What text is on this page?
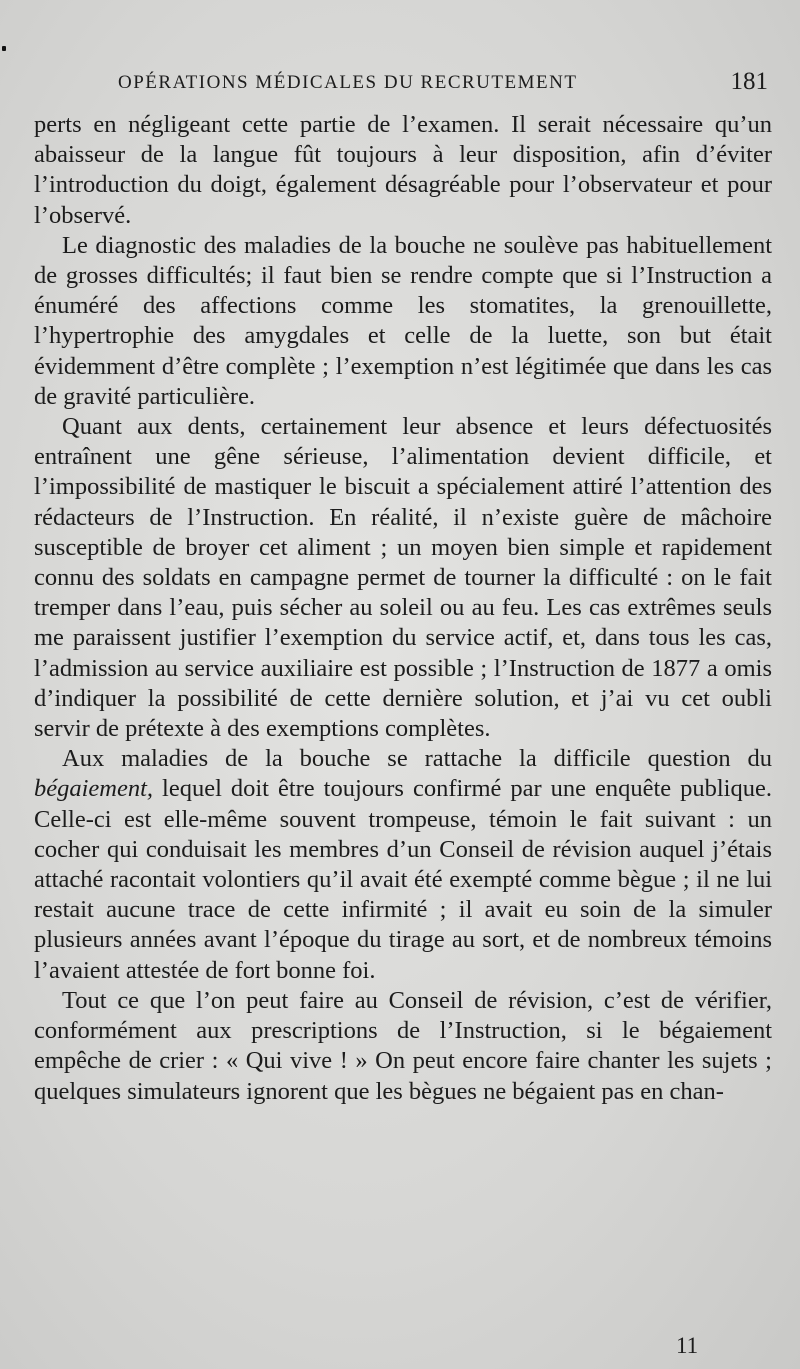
OPÉRATIONS MÉDICALES DU RECRUTEMENT	181

perts en négligeant cette partie de l’examen. Il serait nécessaire qu’un abaisseur de la langue fût toujours à leur disposition, afin d’éviter l’introduction du doigt, également désagréable pour l’observateur et pour l’observé.

Le diagnostic des maladies de la bouche ne soulève pas habituellement de grosses difficultés; il faut bien se rendre compte que si l’Instruction a énuméré des affections comme les stomatites, la grenouillette, l’hypertrophie des amygdales et celle de la luette, son but était évidemment d’être complète ; l’exemption n’est légitimée que dans les cas de gravité particulière.

Quant aux dents, certainement leur absence et leurs défectuosités entraînent une gêne sérieuse, l’alimentation devient difficile, et l’impossibilité de mastiquer le biscuit a spécialement attiré l’attention des rédacteurs de l’Instruction. En réalité, il n’existe guère de mâchoire susceptible de broyer cet aliment ; un moyen bien simple et rapidement connu des soldats en campagne permet de tourner la difficulté : on le fait tremper dans l’eau, puis sécher au soleil ou au feu. Les cas extrêmes seuls me paraissent justifier l’exemption du service actif, et, dans tous les cas, l’admission au service auxiliaire est possible ; l’Instruction de 1877 a omis d’indiquer la possibilité de cette dernière solution, et j’ai vu cet oubli servir de prétexte à des exemptions complètes.

Aux maladies de la bouche se rattache la difficile question du bégaiement, lequel doit être toujours confirmé par une enquête publique. Celle-ci est elle-même souvent trompeuse, témoin le fait suivant : un cocher qui conduisait les membres d’un Conseil de révision auquel j’étais attaché racontait volontiers qu’il avait été exempté comme bègue ; il ne lui restait aucune trace de cette infirmité ; il avait eu soin de la simuler plusieurs années avant l’époque du tirage au sort, et de nombreux témoins l’avaient attestée de fort bonne foi.

Tout ce que l’on peut faire au Conseil de révision, c’est de vérifier, conformément aux prescriptions de l’Instruction, si le bégaiement empêche de crier : « Qui vive ! » On peut encore faire chanter les sujets ; quelques simulateurs ignorent que les bègues ne bégaient pas en chan-

11
